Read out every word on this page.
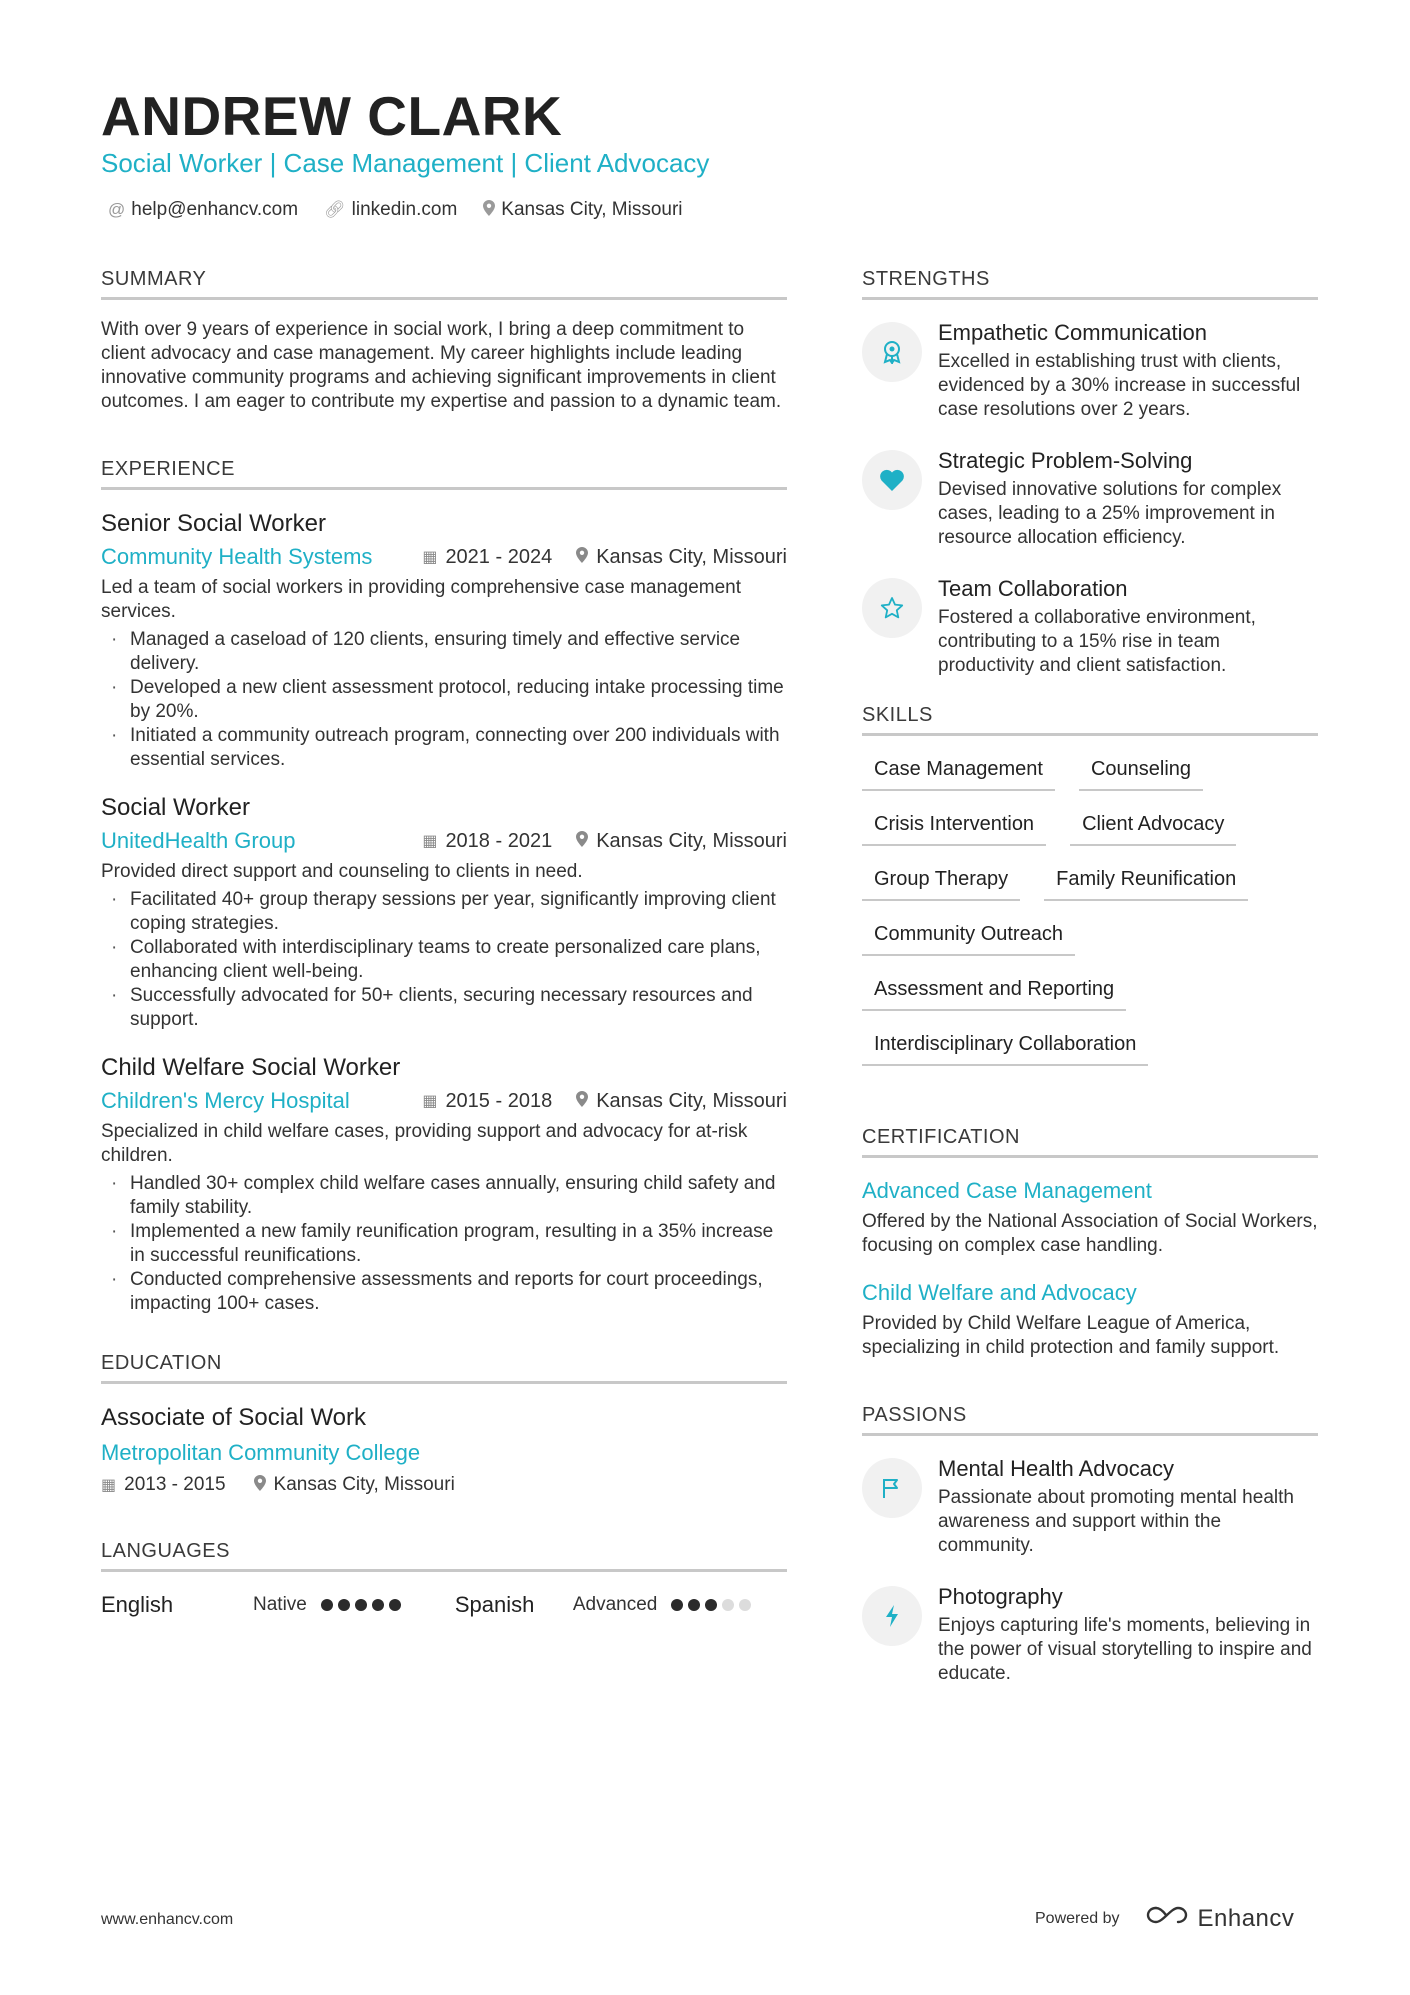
ANDREW CLARK
Social Worker | Case Management | Client Advocacy
@ help@enhancv.com 🔗︎ linkedin.com Kansas City, Missouri
SUMMARY
With over 9 years of experience in social work, I bring a deep commitment to client advocacy and case management. My career highlights include leading innovative community programs and achieving significant improvements in client outcomes. I am eager to contribute my expertise and passion to a dynamic team.
EXPERIENCE
Senior Social Worker
Community Health Systems	▦ 2021 - 2024 Kansas City, Missouri
Led a team of social workers in providing comprehensive case management services.
· Managed a caseload of 120 clients, ensuring timely and effective service delivery.
· Developed a new client assessment protocol, reducing intake processing time by 20%.
· Initiated a community outreach program, connecting over 200 individuals with essential services.
Social Worker
UnitedHealth Group	▦ 2018 - 2021 Kansas City, Missouri
Provided direct support and counseling to clients in need.
· Facilitated 40+ group therapy sessions per year, significantly improving client coping strategies.
· Collaborated with interdisciplinary teams to create personalized care plans, enhancing client well-being.
· Successfully advocated for 50+ clients, securing necessary resources and support.
Child Welfare Social Worker
Children's Mercy Hospital	▦ 2015 - 2018 Kansas City, Missouri
Specialized in child welfare cases, providing support and advocacy for at-risk children.
· Handled 30+ complex child welfare cases annually, ensuring child safety and family stability.
· Implemented a new family reunification program, resulting in a 35% increase in successful reunifications.
· Conducted comprehensive assessments and reports for court proceedings, impacting 100+ cases.
EDUCATION
Associate of Social Work
Metropolitan Community College
▦ 2013 - 2015	Kansas City, Missouri
LANGUAGES
English	Native	Spanish	Advanced
STRENGTHS
Empathetic Communication
Excelled in establishing trust with clients, evidenced by a 30% increase in successful case resolutions over 2 years.
Strategic Problem-Solving
Devised innovative solutions for complex cases, leading to a 25% improvement in resource allocation efficiency.
Team Collaboration
Fostered a collaborative environment, contributing to a 15% rise in team productivity and client satisfaction.
SKILLS
Case Management	Counseling
Crisis Intervention	Client Advocacy
Group Therapy	Family Reunification
Community Outreach
Assessment and Reporting
Interdisciplinary Collaboration
CERTIFICATION
Advanced Case Management
Offered by the National Association of Social Workers, focusing on complex case handling.
Child Welfare and Advocacy
Provided by Child Welfare League of America, specializing in child protection and family support.
PASSIONS
Mental Health Advocacy
Passionate about promoting mental health awareness and support within the community.
Photography
Enjoys capturing life's moments, believing in the power of visual storytelling to inspire and educate.
www.enhancv.com	Powered by	Enhancv
